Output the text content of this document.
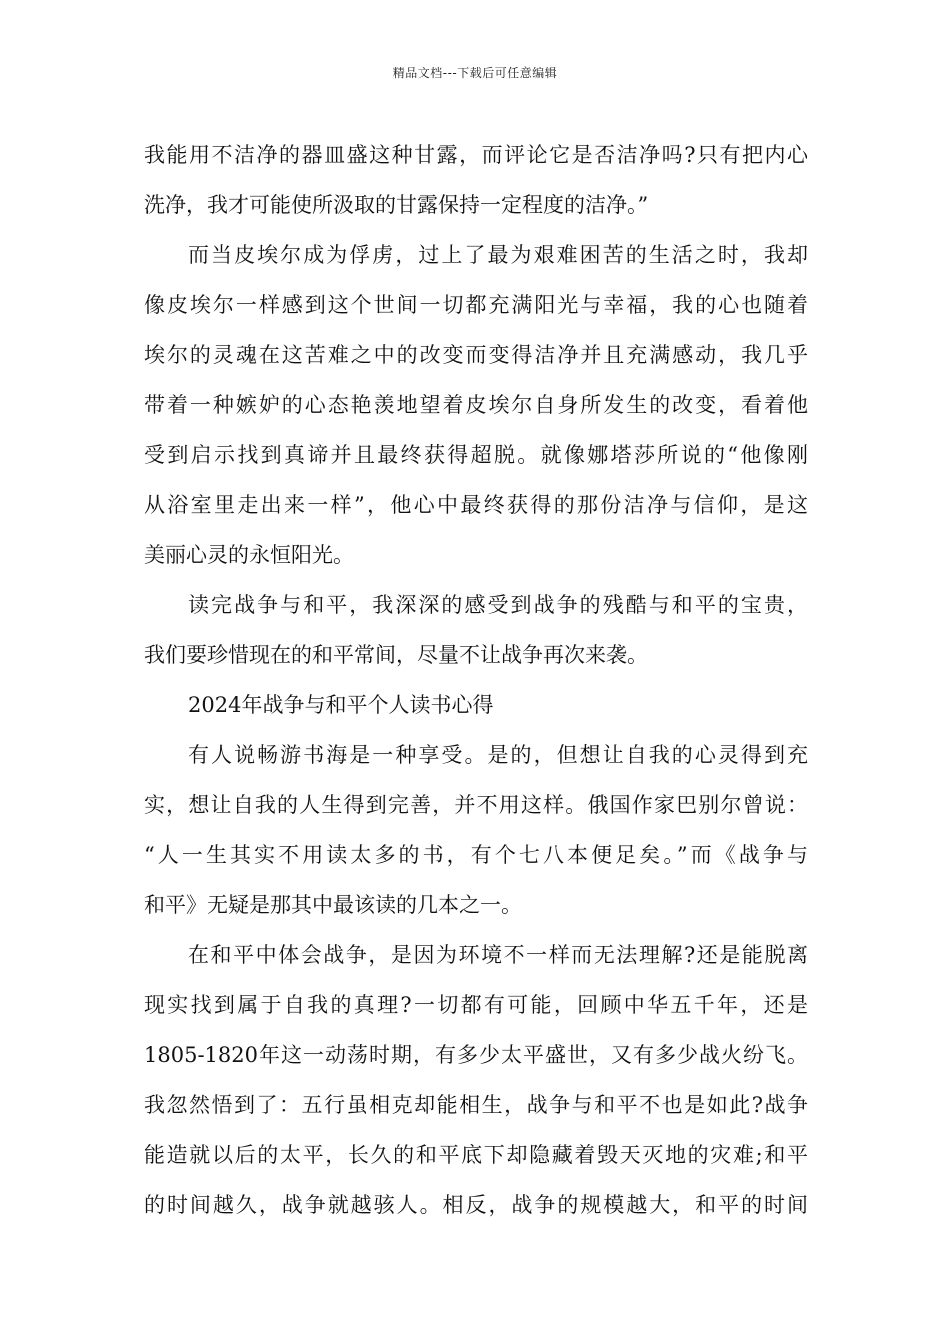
精品文档---下载后可任意编辑
我能用不洁净的器皿盛这种甘露，而评论它是否洁净吗?只有把内心
洗净，我才可能使所汲取的甘露保持一定程度的洁净。”
而当皮埃尔成为俘虏，过上了最为艰难困苦的生活之时，我却
像皮埃尔一样感到这个世间一切都充满阳光与幸福，我的心也随着
埃尔的灵魂在这苦难之中的改变而变得洁净并且充满感动，我几乎
带着一种嫉妒的心态艳羡地望着皮埃尔自身所发生的改变，看着他
受到启示找到真谛并且最终获得超脱。就像娜塔莎所说的“他像刚
从浴室里走出来一样”，他心中最终获得的那份洁净与信仰，是这
美丽心灵的永恒阳光。
读完战争与和平，我深深的感受到战争的残酷与和平的宝贵，
我们要珍惜现在的和平常间，尽量不让战争再次来袭。
2024年战争与和平个人读书心得
有人说畅游书海是一种享受。是的，但想让自我的心灵得到充
实，想让自我的人生得到完善，并不用这样。俄国作家巴别尔曾说：
“人一生其实不用读太多的书，有个七八本便足矣。”而《战争与
和平》无疑是那其中最该读的几本之一。
在和平中体会战争，是因为环境不一样而无法理解?还是能脱离
现实找到属于自我的真理?一切都有可能，回顾中华五千年，还是
1805-1820年这一动荡时期，有多少太平盛世，又有多少战火纷飞。
我忽然悟到了：五行虽相克却能相生，战争与和平不也是如此?战争
能造就以后的太平，长久的和平底下却隐藏着毁天灭地的灾难;和平
的时间越久，战争就越骇人。相反，战争的规模越大，和平的时间
